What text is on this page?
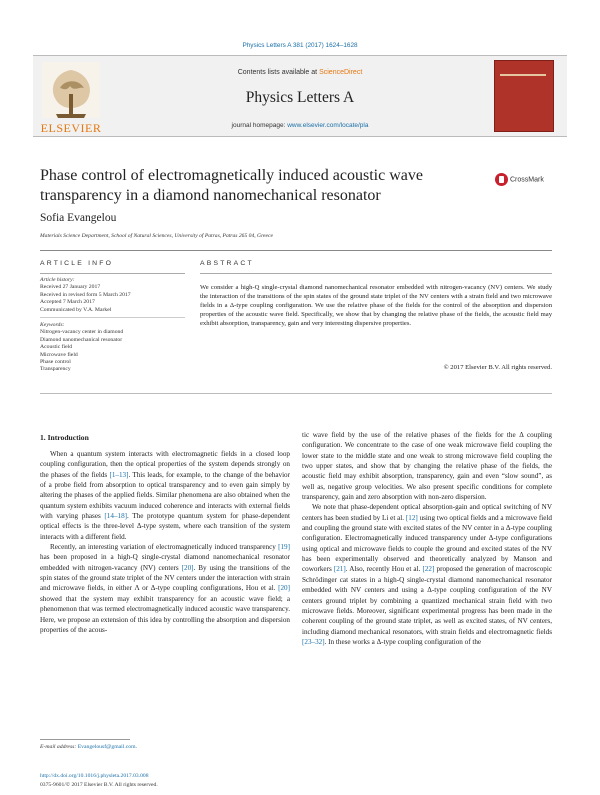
Physics Letters A 381 (2017) 1624–1628
ELSEVIER
Contents lists available at ScienceDirect
Physics Letters A
journal homepage: www.elsevier.com/locate/pla
Phase control of electromagnetically induced acoustic wave transparency in a diamond nanomechanical resonator
CrossMark
Sofia Evangelou
Materials Science Department, School of Natural Sciences, University of Patras, Patras 265 04, Greece
ARTICLE INFO
Article history:
Received 27 January 2017
Received in revised form 5 March 2017
Accepted 7 March 2017
Communicated by V.A. Markel
Keywords:
Nitrogen-vacancy center in diamond
Diamond nanomechanical resonator
Acoustic field
Microwave field
Phase control
Transparency
ABSTRACT
We consider a high-Q single-crystal diamond nanomechanical resonator embedded with nitrogen-vacancy (NV) centers. We study the interaction of the transitions of the spin states of the ground state triplet of the NV centers with a strain field and two microwave fields in a Δ-type coupling configuration. We use the relative phase of the fields for the control of the absorption and dispersion properties of the acoustic wave field. Specifically, we show that by changing the relative phase of the fields, the acoustic field may exhibit absorption, transparency, gain and very interesting dispersive properties.
© 2017 Elsevier B.V. All rights reserved.
1. Introduction

When a quantum system interacts with electromagnetic fields in a closed loop coupling configuration, then the optical properties of the system depends strongly on the phases of the fields [1–13]. This leads, for example, to the change of the behavior of a probe field from absorption to optical transparency and to even gain simply by altering the phases of the applied fields. Similar phenomena are also obtained when the quantum system exhibits vacuum induced coherence and interacts with external fields with varying phases [14–18]. The prototype quantum system for phase-dependent optical effects is the three-level Δ-type system, where each transition of the system interacts with a different field.

Recently, an interesting variation of electromagnetically induced transparency [19] has been proposed in a high-Q single-crystal diamond nanomechanical resonator embedded with nitrogen-vacancy (NV) centers [20]. By using the transitions of the spin states of the ground state triplet of the NV centers under the interaction with strain and microwave fields, in either Λ or Δ-type coupling configurations, Hou et al. [20] showed that the system may exhibit transparency for an acoustic wave field; a phenomenon that was termed electromagnetically induced acoustic wave transparency. Here, we propose an extension of this idea by controlling the absorption and dispersion properties of the acous-

tic wave field by the use of the relative phases of the fields for the Δ coupling configuration. We concentrate to the case of one weak microwave field coupling the lower state to the middle state and one weak to strong microwave field coupling the two upper states, and show that by changing the relative phase of the fields, the acoustic field may exhibit absorption, transparency, gain and even “slow sound”, as well as, negative group velocities. We also present specific conditions for complete transparency, gain and zero absorption with non-zero dispersion.

We note that phase-dependent optical absorption-gain and optical switching of NV centers has been studied by Li et al. [12] using two optical fields and a microwave field and coupling the ground state with excited states of the NV center in a Δ-type coupling configuration. Electromagnetically induced transparency under Δ-type configurations using optical and microwave fields to couple the ground and excited states of the NV has been experimentally observed and theoretically analyzed by Manson and coworkers [21]. Also, recently Hou et al. [22] proposed the generation of macroscopic Schrödinger cat states in a high-Q single-crystal diamond nanomechanical resonator embedded with NV centers and using a Δ-type coupling configuration of the NV centers ground triplet by combining a quantized mechanical strain field with two microwave fields. Moreover, significant experimental progress has been made in the coherent coupling of the ground state triplet, as well as excited states, of NV centers, including diamond mechanical resonators, with strain fields and electromagnetic fields [23–32]. In these works a Δ-type coupling configuration of the

E-mail address: Evangelousf@gmail.com.
http://dx.doi.org/10.1016/j.physleta.2017.03.008
0375-9601/© 2017 Elsevier B.V. All rights reserved.
